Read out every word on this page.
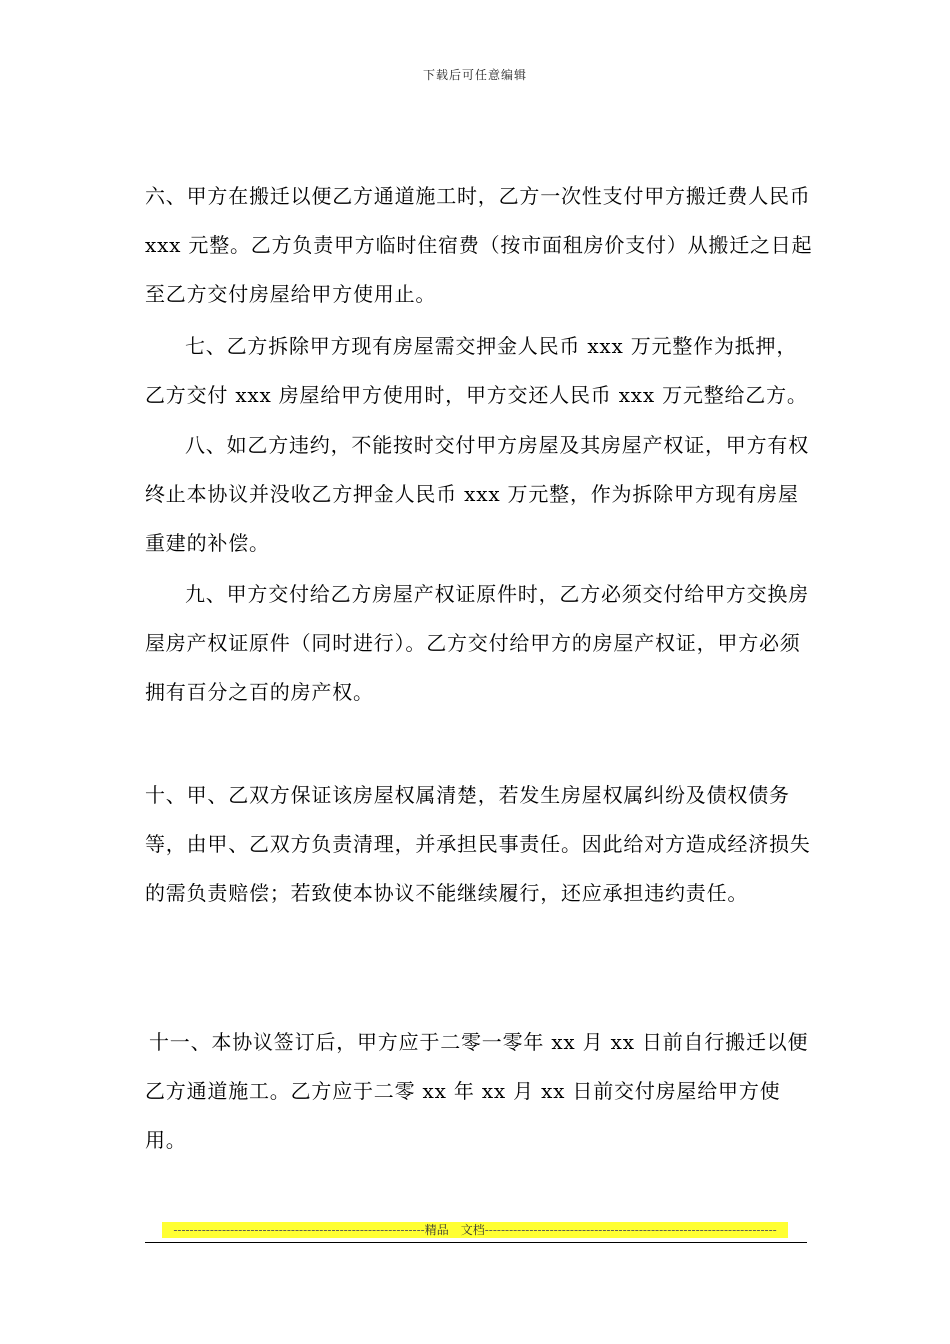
下载后可任意编辑

六、甲方在搬迁以便乙方通道施工时，乙方一次性支付甲方搬迁费人民币 xxx 元整。乙方负责甲方临时住宿费（按市面租房价支付）从搬迁之日起至乙方交付房屋给甲方使用止。

七、乙方拆除甲方现有房屋需交押金人民币 xxx 万元整作为抵押，乙方交付 xxx 房屋给甲方使用时，甲方交还人民币 xxx 万元整给乙方。

八、如乙方违约，不能按时交付甲方房屋及其房屋产权证，甲方有权终止本协议并没收乙方押金人民币 xxx 万元整，作为拆除甲方现有房屋重建的补偿。

九、甲方交付给乙方房屋产权证原件时，乙方必须交付给甲方交换房屋房产权证原件（同时进行）。乙方交付给甲方的房屋产权证，甲方必须拥有百分之百的房产权。

十、甲、乙双方保证该房屋权属清楚，若发生房屋权属纠纷及债权债务等，由甲、乙双方负责清理，并承担民事责任。因此给对方造成经济损失的需负责赔偿；若致使本协议不能继续履行，还应承担违约责任。

十一、本协议签订后，甲方应于二零一零年 xx 月 xx 日前自行搬迁以便乙方通道施工。乙方应于二零 xx 年 xx 月 xx 日前交付房屋给甲方使用。

--------------------------------------------------------------精品　文档------------------------------------------------------------------------
